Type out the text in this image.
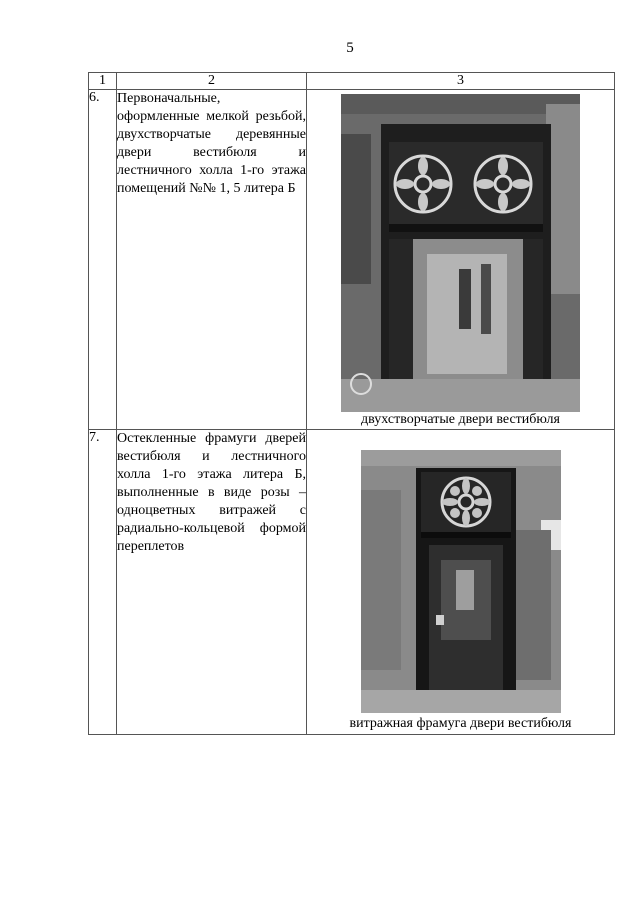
5
1	2	3
6.	Первоначальные, оформленные мелкой резьбой, двухстворчатые деревянные двери вестибюля и лестничного холла 1-го этажа помещений №№ 1, 5 литера Б	двухстворчатые двери вестибюля

7.	Остекленные фрамуги дверей вестибюля и лестничного холла 1-го этажа литера Б, выполненные в виде розы – одноцветных витражей с радиально-кольцевой формой переплетов	витражная фрамуга двери вестибюля
